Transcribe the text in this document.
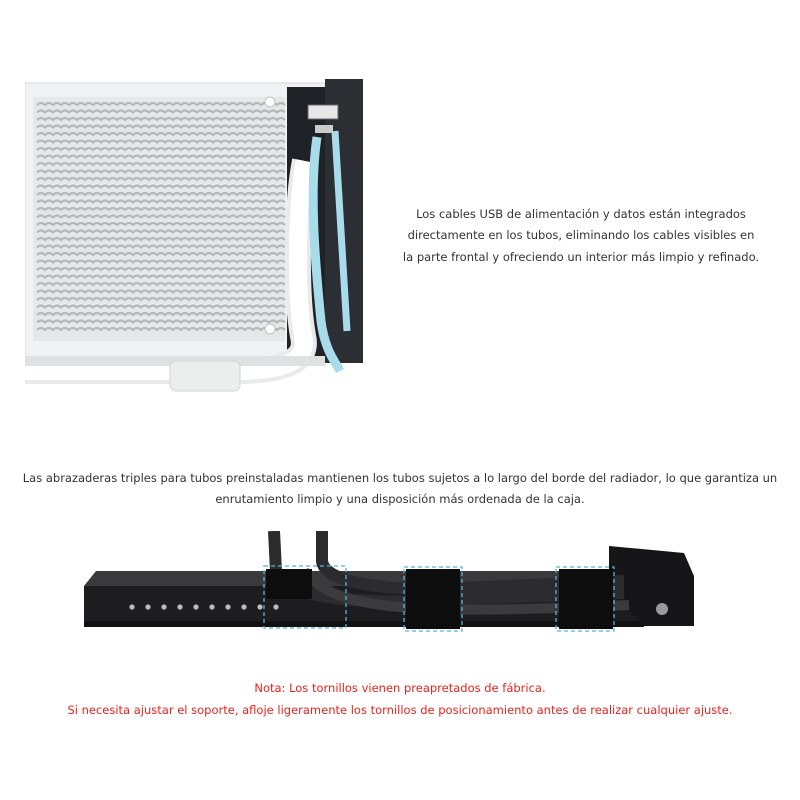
Los cables USB de alimentación y datos están integrados directamente en los tubos, eliminando los cables visibles en la parte frontal y ofreciendo un interior más limpio y refinado.

Las abrazaderas triples para tubos preinstaladas mantienen los tubos sujetos a lo largo del borde del radiador, lo que garantiza un enrutamiento limpio y una disposición más ordenada de la caja.

Nota: Los tornillos vienen preapretados de fábrica.

Si necesita ajustar el soporte, afloje ligeramente los tornillos de posicionamiento antes de realizar cualquier ajuste.
